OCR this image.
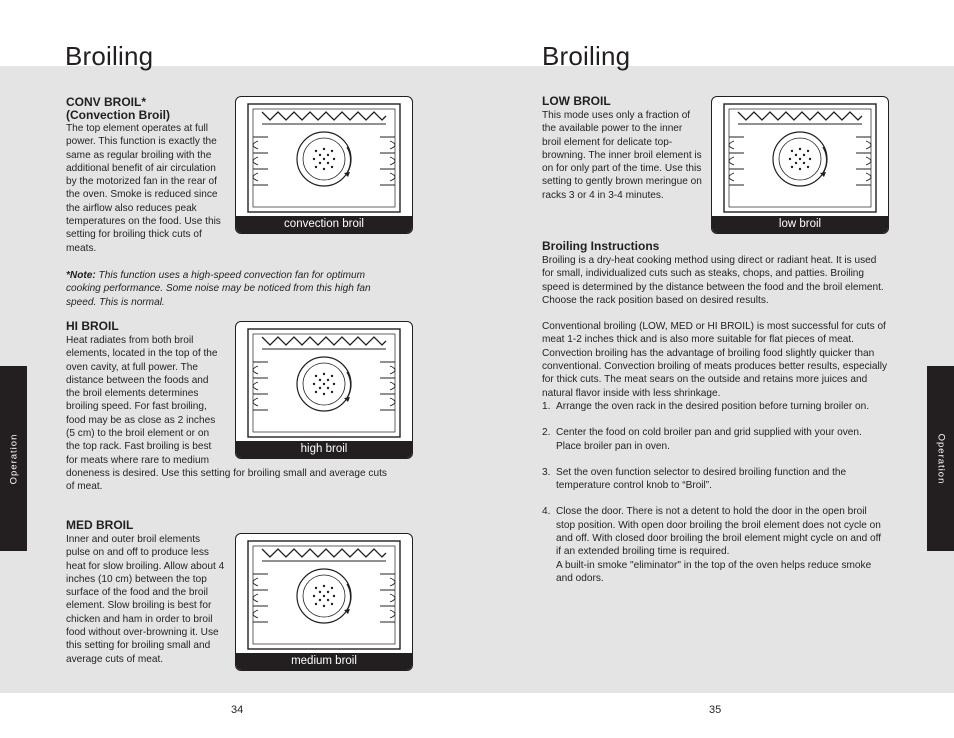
Broiling
CONV BROIL*
(Convection Broil)

The top element operates at full power. This function is exactly the same as regular broiling with the additional benefit of air circulation by the motorized fan in the rear of the oven. Smoke is reduced since the airflow also reduces peak temperatures on the food. Use this setting for broiling thick cuts of meats.

convection broil
*Note: This function uses a high-speed convection fan for optimum cooking performance. Some noise may be noticed from this high fan speed. This is normal.
HI BROIL

Heat radiates from both broil elements, located in the top of the oven cavity, at full power. The distance between the foods and the broil elements determines broiling speed. For fast broiling, food may be as close as 2 inches (5 cm) to the broil element or on the top rack. Fast broiling is best for meats where rare to medium doneness is desired. Use this setting for broiling small and average cuts of meat.

high broil
MED BROIL

Inner and outer broil elements pulse on and off to produce less heat for slow broiling. Allow about 4 inches (10 cm) between the top surface of the food and the broil element. Slow broiling is best for chicken and ham in order to broil food without over-browning it. Use this setting for broiling small and average cuts of meat.	medium broil
Operation
34
Broiling
LOW BROIL

This mode uses only a fraction of the available power to the inner broil element for delicate top-browning. The inner broil element is on for only part of the time. Use this setting to gently brown meringue on racks 3 or 4 in 3-4 minutes.

low broil
Broiling Instructions

Broiling is a dry-heat cooking method using direct or radiant heat. It is used for small, individualized cuts such as steaks, chops, and patties. Broiling speed is determined by the distance between the food and the broil element. Choose the rack position based on desired results.

Conventional broiling (LOW, MED or HI BROIL) is most successful for cuts of meat 1-2 inches thick and is also more suitable for flat pieces of meat. Convection broiling has the advantage of broiling food slightly quicker than conventional. Convection broiling of meats produces better results, especially for thick cuts. The meat sears on the outside and retains more juices and natural flavor inside with less shrinkage.

1. Arrange the oven rack in the desired position before turning broiler on.
2. Center the food on cold broiler pan and grid supplied with your oven. Place broiler pan in oven.
3. Set the oven function selector to desired broiling function and the temperature control knob to “Broil”.
4. Close the door. There is not a detent to hold the door in the open broil stop position. With open door broiling the broil element does not cycle on and off. With closed door broiling the broil element might cycle on and off if an extended broiling time is required.
A built-in smoke "eliminator" in the top of the oven helps reduce smoke and odors.
Operation
35
